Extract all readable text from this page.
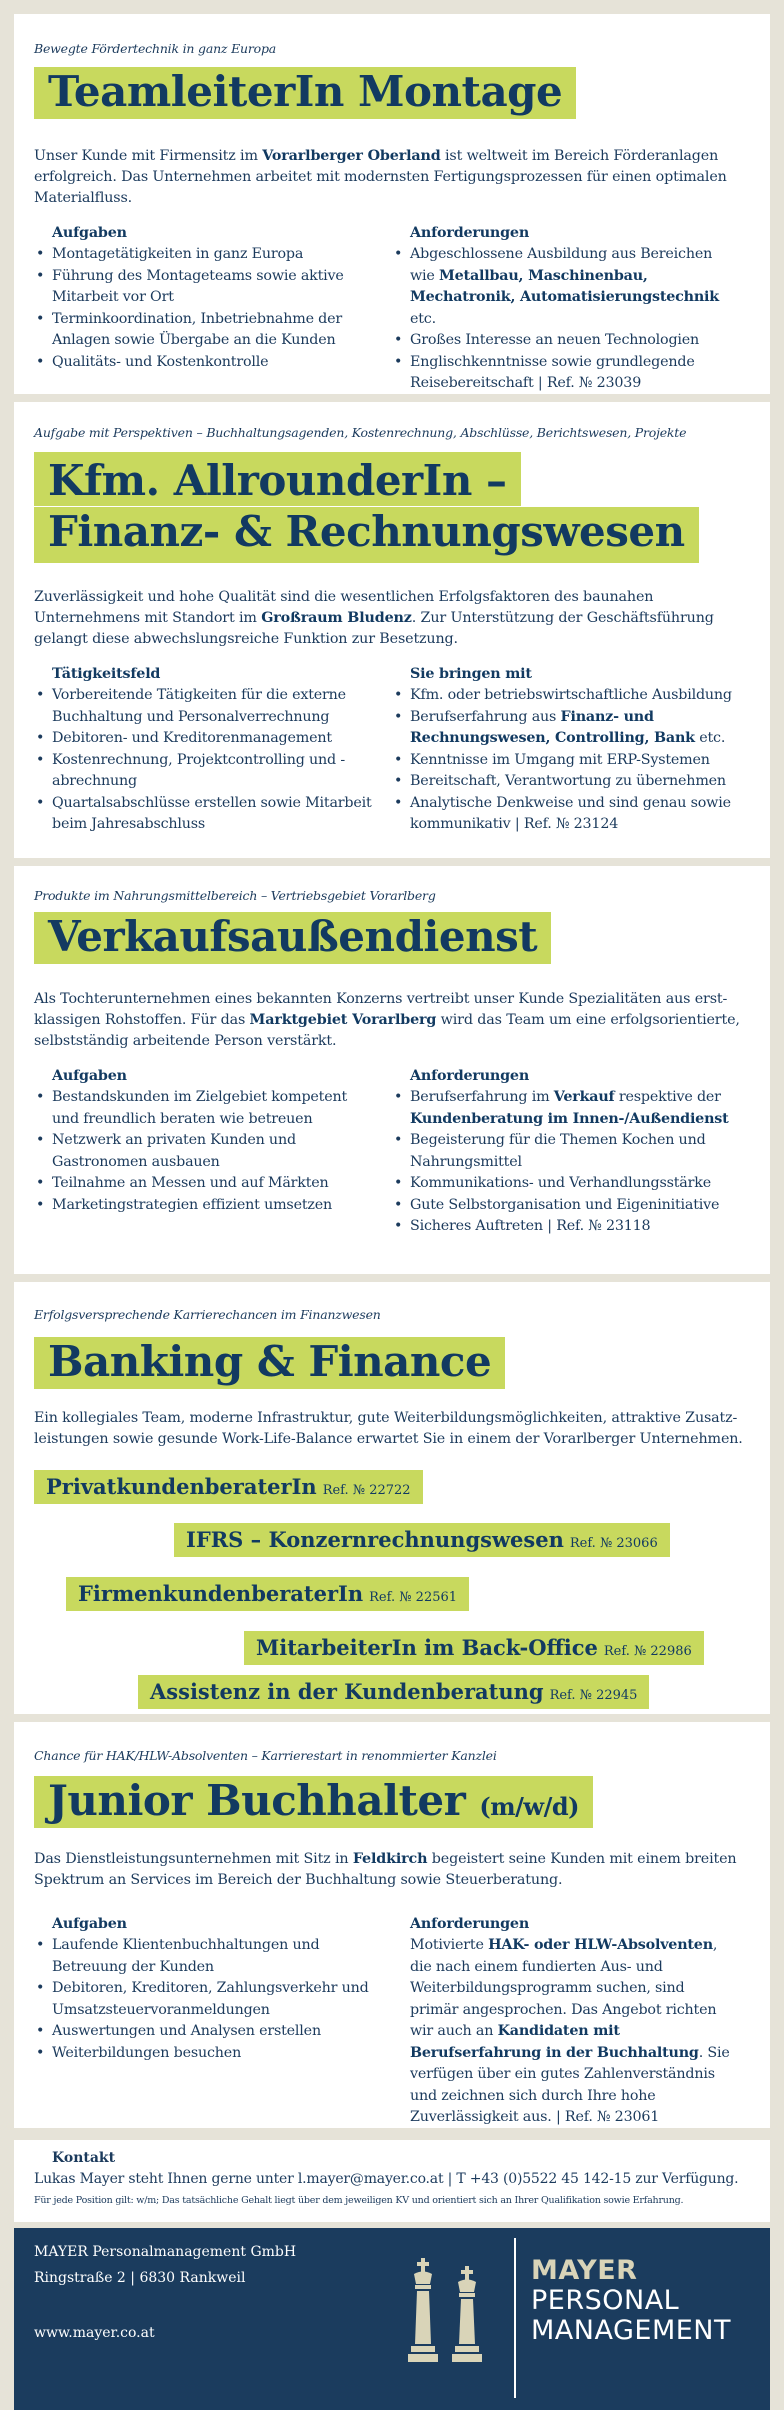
Bewegte Fördertechnik in ganz Europa
TeamleiterIn Montage
Unser Kunde mit Firmensitz im Vorarlberger Oberland ist weltweit im Bereich Förderanlagen erfolgreich. Das Unternehmen arbeitet mit modernsten Fertigungsprozessen für einen optimalen Materialfluss.
Aufgaben
• Montagetätigkeiten in ganz Europa
• Führung des Montageteams sowie aktive Mitarbeit vor Ort
• Terminkoordination, Inbetriebnahme der Anlagen sowie Übergabe an die Kunden
• Qualitäts- und Kostenkontrolle
Anforderungen
• Abgeschlossene Ausbildung aus Bereichen wie Metallbau, Maschinenbau, Mechatronik, Automatisierungstechnik etc.
• Großes Interesse an neuen Technologien
• Englischkenntnisse sowie grundlegende Reisebereitschaft | Ref. № 23039
Aufgabe mit Perspektiven – Buchhaltungsagenden, Kostenrechnung, Abschlüsse, Berichtswesen, Projekte
Kfm. AllrounderIn –
Finanz- & Rechnungswesen
Zuverlässigkeit und hohe Qualität sind die wesentlichen Erfolgsfaktoren des baunahen Unternehmens mit Standort im Großraum Bludenz. Zur Unterstützung der Geschäftsführung gelangt diese abwechslungsreiche Funktion zur Besetzung.
Tätigkeitsfeld
• Vorbereitende Tätigkeiten für die externe Buchhaltung und Personalverrechnung
• Debitoren- und Kreditorenmanagement
• Kostenrechnung, Projektcontrolling und -abrechnung
• Quartalsabschlüsse erstellen sowie Mitarbeit beim Jahresabschluss
Sie bringen mit
• Kfm. oder betriebswirtschaftliche Ausbildung
• Berufserfahrung aus Finanz- und Rechnungswesen, Controlling, Bank etc.
• Kenntnisse im Umgang mit ERP-Systemen
• Bereitschaft, Verantwortung zu übernehmen
• Analytische Denkweise und sind genau sowie kommunikativ | Ref. № 23124
Produkte im Nahrungsmittelbereich – Vertriebsgebiet Vorarlberg
Verkaufsaußendienst
Als Tochterunternehmen eines bekannten Konzerns vertreibt unser Kunde Spezialitäten aus erstklassigen Rohstoffen. Für das Marktgebiet Vorarlberg wird das Team um eine erfolgsorientierte, selbstständig arbeitende Person verstärkt.
Aufgaben
• Bestandskunden im Zielgebiet kompetent und freundlich beraten wie betreuen
• Netzwerk an privaten Kunden und Gastronomen ausbauen
• Teilnahme an Messen und auf Märkten
• Marketingstrategien effizient umsetzen
Anforderungen
• Berufserfahrung im Verkauf respektive der Kundenberatung im Innen-/Außendienst
• Begeisterung für die Themen Kochen und Nahrungsmittel
• Kommunikations- und Verhandlungsstärke
• Gute Selbstorganisation und Eigeninitiative
• Sicheres Auftreten | Ref. № 23118
Erfolgsversprechende Karrierechancen im Finanzwesen
Banking & Finance
Ein kollegiales Team, moderne Infrastruktur, gute Weiterbildungsmöglichkeiten, attraktive Zusatzleistungen sowie gesunde Work-Life-Balance erwartet Sie in einem der Vorarlberger Unternehmen.
PrivatkundenberaterIn Ref. № 22722
IFRS – Konzernrechnungswesen Ref. № 23066
FirmenkundenberaterIn Ref. № 22561
MitarbeiterIn im Back-Office Ref. № 22986
Assistenz in der Kundenberatung Ref. № 22945
Chance für HAK/HLW-Absolventen – Karrierestart in renommierter Kanzlei
Junior Buchhalter (m/w/d)
Das Dienstleistungsunternehmen mit Sitz in Feldkirch begeistert seine Kunden mit einem breiten Spektrum an Services im Bereich der Buchhaltung sowie Steuerberatung.
Aufgaben
• Laufende Klientenbuchhaltungen und Betreuung der Kunden
• Debitoren, Kreditoren, Zahlungsverkehr und Umsatzsteuervoranmeldungen
• Auswertungen und Analysen erstellen
• Weiterbildungen besuchen
Anforderungen
Motivierte HAK- oder HLW-Absolventen, die nach einem fundierten Aus- und Weiterbildungsprogramm suchen, sind primär angesprochen. Das Angebot richten wir auch an Kandidaten mit Berufserfahrung in der Buchhaltung. Sie verfügen über ein gutes Zahlenverständnis und zeichnen sich durch Ihre hohe Zuverlässigkeit aus. | Ref. № 23061
Kontakt
Lukas Mayer steht Ihnen gerne unter l.mayer@mayer.co.at | T +43 (0)5522 45 142-15 zur Verfügung.
Für jede Position gilt: w/m; Das tatsächliche Gehalt liegt über dem jeweiligen KV und orientiert sich an Ihrer Qualifikation sowie Erfahrung.
MAYER Personalmanagement GmbH
Ringstraße 2 | 6830 Rankweil
www.mayer.co.at
MAYER
PERSONAL
MANAGEMENT
